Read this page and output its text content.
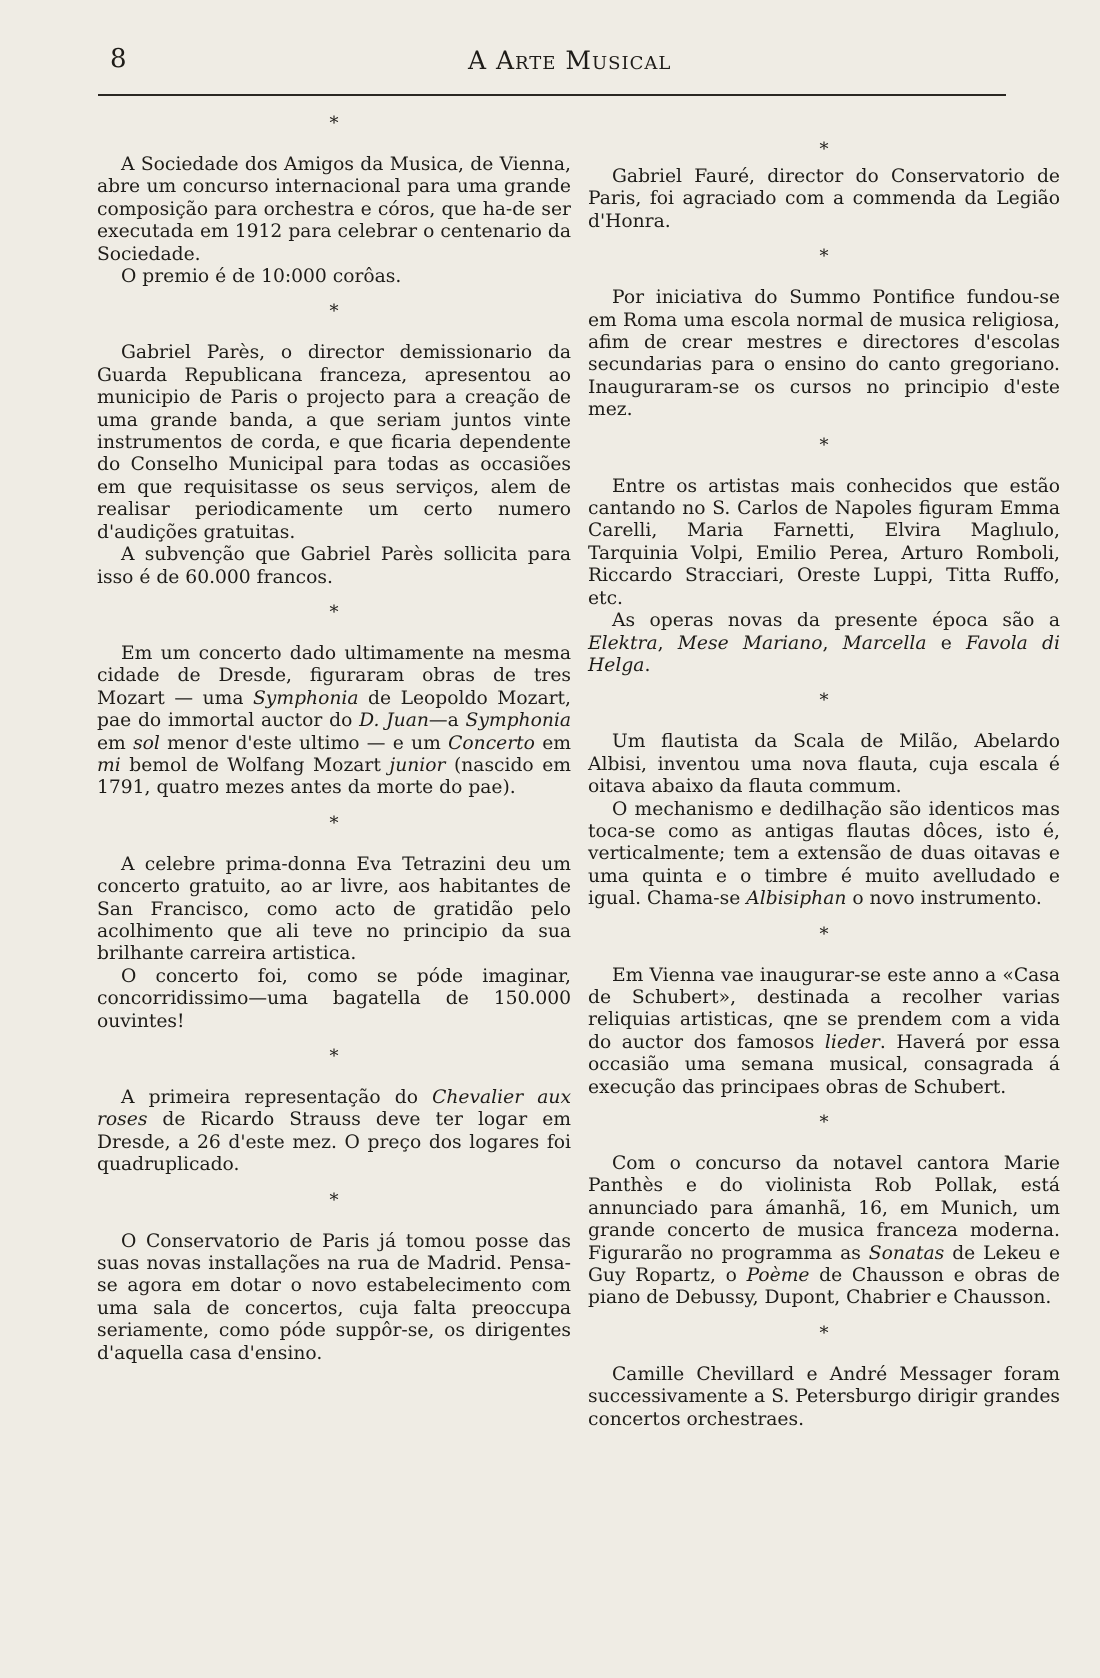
8	A Arte Musical
*

A Sociedade dos Amigos da Musica, de Vienna, abre um concurso internacional para uma grande composição para orchestra e córos, que ha-de ser executada em 1912 para celebrar o centenario da Sociedade.

O premio é de 10:000 corôas.

*

Gabriel Parès, o director demissionario da Guarda Republicana franceza, apresentou ao municipio de Paris o projecto para a creação de uma grande banda, a que seriam juntos vinte instrumentos de corda, e que ficaria dependente do Conselho Municipal para todas as occasiões em que requisitasse os seus serviços, alem de realisar periodicamente um certo numero d'audições gratuitas.

A subvenção que Gabriel Parès sollicita para isso é de 60.000 francos.

*

Em um concerto dado ultimamente na mesma cidade de Dresde, figuraram obras de tres Mozart — uma Symphonia de Leopoldo Mozart, pae do immortal auctor do D. Juan—a Symphonia em sol menor d'este ultimo — e um Concerto em mi bemol de Wolfang Mozart junior (nascido em 1791, quatro mezes antes da morte do pae).

*

A celebre prima-donna Eva Tetrazini deu um concerto gratuito, ao ar livre, aos habitantes de San Francisco, como acto de gratidão pelo acolhimento que ali teve no principio da sua brilhante carreira artistica.

O concerto foi, como se póde imaginar, concorridissimo—uma bagatella de 150.000 ouvintes!

*

A primeira representação do Chevalier aux roses de Ricardo Strauss deve ter logar em Dresde, a 26 d'este mez. O preço dos logares foi quadruplicado.

*

O Conservatorio de Paris já tomou posse das suas novas installações na rua de Madrid. Pensa-se agora em dotar o novo estabelecimento com uma sala de concertos, cuja falta preoccupa seriamente, como póde suppôr-se, os dirigentes d'aquella casa d'ensino.

*

Gabriel Fauré, director do Conservatorio de Paris, foi agraciado com a commenda da Legião d'Honra.

*

Por iniciativa do Summo Pontifice fundou-se em Roma uma escola normal de musica religiosa, afim de crear mestres e directores d'escolas secundarias para o ensino do canto gregoriano. Inauguraram-se os cursos no principio d'este mez.

*

Entre os artistas mais conhecidos que estão cantando no S. Carlos de Napoles figuram Emma Carelli, Maria Farnetti, Elvira Maglıulo, Tarquinia Volpi, Emilio Perea, Arturo Romboli, Riccardo Stracciari, Oreste Luppi, Titta Ruffo, etc.

As operas novas da presente época são a Elektra, Mese Mariano, Marcella e Favola di Helga.

*

Um flautista da Scala de Milão, Abelardo Albisi, inventou uma nova flauta, cuja escala é oitava abaixo da flauta commum.

O mechanismo e dedilhação são identicos mas toca-se como as antigas flautas dôces, isto é, verticalmente; tem a extensão de duas oitavas e uma quinta e o timbre é muito avelludado e igual. Chama-se Albisiphan o novo instrumento.

*

Em Vienna vae inaugurar-se este anno a «Casa de Schubert», destinada a recolher varias reliquias artisticas, qne se prendem com a vida do auctor dos famosos lieder. Haverá por essa occasião uma semana musical, consagrada á execução das principaes obras de Schubert.

*

Com o concurso da notavel cantora Marie Panthès e do violinista Rob Pollak, está annunciado para ámanhã, 16, em Munich, um grande concerto de musica franceza moderna. Figurarão no programma as Sonatas de Lekeu e Guy Ropartz, o Poème de Chausson e obras de piano de Debussy, Dupont, Chabrier e Chausson.

*

Camille Chevillard e André Messager foram successivamente a S. Petersburgo dirigir grandes concertos orchestraes.
